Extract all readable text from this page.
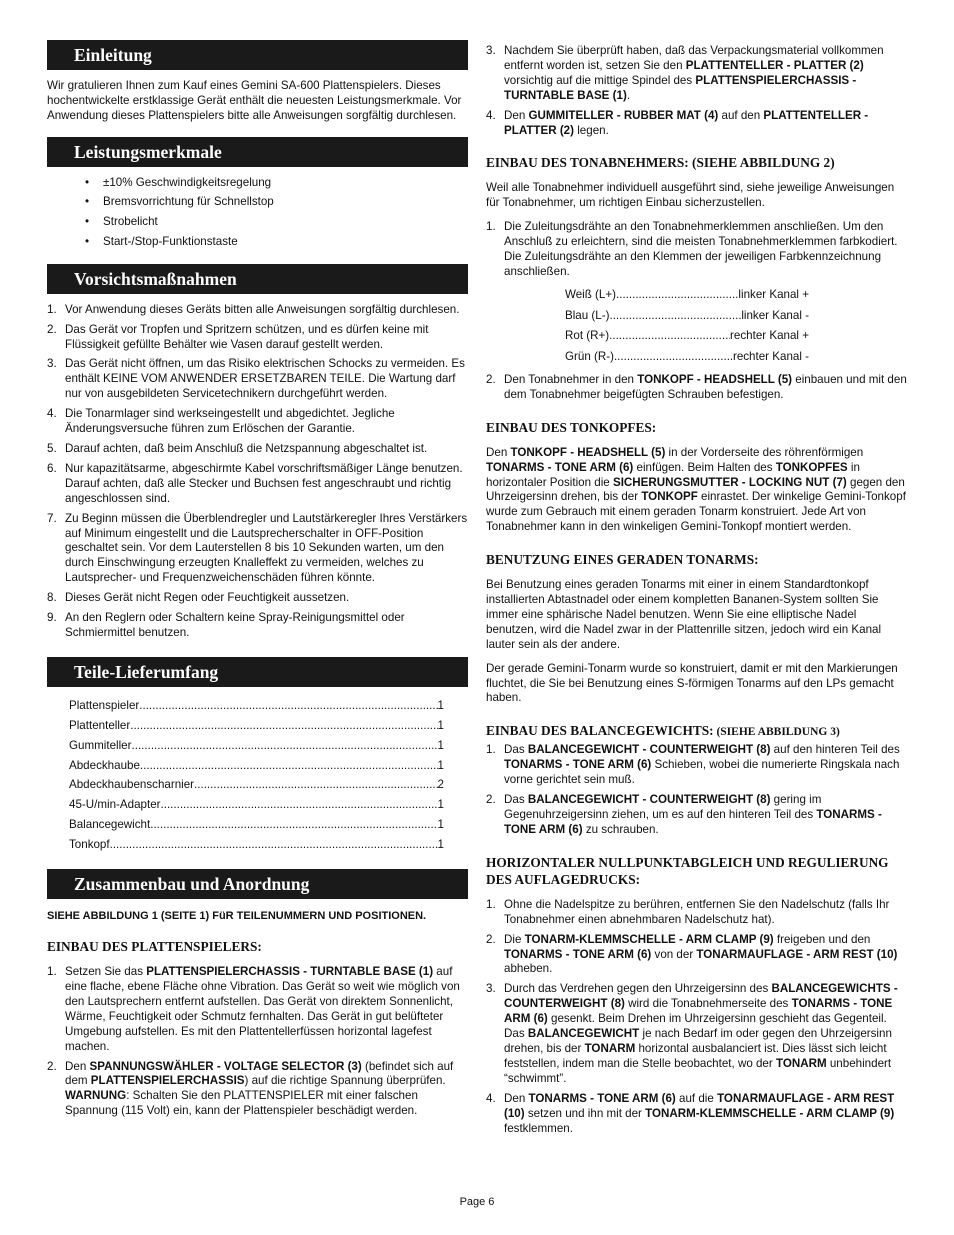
Einleitung

Wir gratulieren Ihnen zum Kauf eines Gemini SA-600 Plattenspielers. Dieses hochentwickelte erstklassige Gerät enthält die neuesten Leistungsmerkmale. Vor Anwendung dieses Plattenspielers bitte alle Anweisungen sorgfältig durchlesen.

Leistungsmerkmale
• ±10% Geschwindigkeitsregelung
• Bremsvorrichtung für Schnellstop
• Strobelicht
• Start-/Stop-Funktionstaste
Vorsichtsmaßnahmen
1. Vor Anwendung dieses Geräts bitten alle Anweisungen sorgfältig durchlesen.
2. Das Gerät vor Tropfen und Spritzern schützen, und es dürfen keine mit Flüssigkeit gefüllte Behälter wie Vasen darauf gestellt werden.
3. Das Gerät nicht öffnen, um das Risiko elektrischen Schocks zu vermeiden. Es enthält KEINE VOM ANWENDER ERSETZBAREN TEILE. Die Wartung darf nur von ausgebildeten Servicetechnikern durchgeführt werden.
4. Die Tonarmlager sind werkseingestellt und abgedichtet. Jegliche Änderungsversuche führen zum Erlöschen der Garantie.
5. Darauf achten, daß beim Anschluß die Netzspannung abgeschaltet ist.
6. Nur kapazitätsarme, abgeschirmte Kabel vorschriftsmäßiger Länge benutzen. Darauf achten, daß alle Stecker und Buchsen fest angeschraubt und richtig angeschlossen sind.
7. Zu Beginn müssen die Überblendregler und Lautstärkeregler Ihres Verstärkers auf Minimum eingestellt und die Lautsprecherschalter in OFF-Position geschaltet sein. Vor dem Lauterstellen 8 bis 10 Sekunden warten, um den durch Einschwingung erzeugten Knalleffekt zu vermeiden, welches zu Lautsprecher- und Frequenzweichenschäden führen könnte.
8. Dieses Gerät nicht Regen oder Feuchtigkeit aussetzen.
9. An den Reglern oder Schaltern keine Spray-Reinigungsmittel oder Schmiermittel benutzen.
Teile-Lieferumfang
Plattenspieler .....	1
Plattenteller .....	1
Gummiteller .....	1
Abdeckhaube .....	1
Abdeckhaubenscharnier .....	2
45-U/min-Adapter .....	1
Balancegewicht .....	1
Tonkopf .....	1
Zusammenbau und Anordnung
SIEHE ABBILDUNG 1 (SEITE 1) FüR TEILENUMMERN UND POSITIONEN.
EINBAU DES PLATTENSPIELERS:
1. Setzen Sie das PLATTENSPIELERCHASSIS - TURNTABLE BASE (1) auf eine flache, ebene Fläche ohne Vibration. Das Gerät so weit wie möglich von den Lautsprechern entfernt aufstellen. Das Gerät von direktem Sonnenlicht, Wärme, Feuchtigkeit oder Schmutz fernhalten. Das Gerät in gut belüfteter Umgebung aufstellen. Es mit den Plattentellerfüssen horizontal lagefest machen.
2. Den SPANNUNGSWÄHLER - VOLTAGE SELECTOR (3) (befindet sich auf dem PLATTENSPIELERCHASSIS) auf die richtige Spannung überprüfen. WARNUNG: Schalten Sie den PLATTENSPIELER mit einer falschen Spannung (115 Volt) ein, kann der Plattenspieler beschädigt werden.
3. Nachdem Sie überprüft haben, daß das Verpackungsmaterial vollkommen entfernt worden ist, setzen Sie den PLATTENTELLER - PLATTER (2) vorsichtig auf die mittige Spindel des PLATTENSPIELERCHASSIS - TURNTABLE BASE (1).
4. Den GUMMITELLER - RUBBER MAT (4) auf den PLATTENTELLER - PLATTER (2) legen.
EINBAU DES TONABNEHMERS: (SIEHE ABBILDUNG 2)

Weil alle Tonabnehmer individuell ausgeführt sind, siehe jeweilige Anweisungen für Tonabnehmer, um richtigen Einbau sicherzustellen.

1. Die Zuleitungsdrähte an den Tonabnehmerklemmen anschließen. Um den Anschluß zu erleichtern, sind die meisten Tonabnehmerklemmen farbkodiert. Die Zuleitungsdrähte an den Klemmen der jeweiligen Farbkennzeichnung anschließen.
Weiß (L+) .....	linker Kanal +
Blau (L-) .....	linker Kanal -
Rot (R+) .....	rechter Kanal +
Grün (R-) .....	rechter Kanal -
2. Den Tonabnehmer in den TONKOPF - HEADSHELL (5) einbauen und mit den dem Tonabnehmer beigefügten Schrauben befestigen.
EINBAU DES TONKOPFES:

Den TONKOPF - HEADSHELL (5) in der Vorderseite des röhrenförmigen TONARMS - TONE ARM (6) einfügen. Beim Halten des TONKOPFES in horizontaler Position die SICHERUNGSMUTTER - LOCKING NUT (7) gegen den Uhrzeigersinn drehen, bis der TONKOPF einrastet. Der winkelige Gemini-Tonkopf wurde zum Gebrauch mit einem geraden Tonarm konstruiert. Jede Art von Tonabnehmer kann in den winkeligen Gemini-Tonkopf montiert werden.

BENUTZUNG EINES GERADEN TONARMS:

Bei Benutzung eines geraden Tonarms mit einer in einem Standardtonkopf installierten Abtastnadel oder einem kompletten Bananen-System sollten Sie immer eine sphärische Nadel benutzen. Wenn Sie eine elliptische Nadel benutzen, wird die Nadel zwar in der Plattenrille sitzen, jedoch wird ein Kanal lauter sein als der andere.

Der gerade Gemini-Tonarm wurde so konstruiert, damit er mit den Markierungen fluchtet, die Sie bei Benutzung eines S-förmigen Tonarms auf den LPs gemacht haben.

EINBAU DES BALANCEGEWICHTS: (SIEHE ABBILDUNG 3)
1. Das BALANCEGEWICHT - COUNTERWEIGHT (8) auf den hinteren Teil des TONARMS - TONE ARM (6) Schieben, wobei die numerierte Ringskala nach vorne gerichtet sein muß.
2. Das BALANCEGEWICHT - COUNTERWEIGHT (8) gering im Gegenuhrzeigersinn ziehen, um es auf den hinteren Teil des TONARMS - TONE ARM (6) zu schrauben.
HORIZONTALER NULLPUNKTABGLEICH UND REGULIERUNG DES AUFLAGEDRUCKS:
1. Ohne die Nadelspitze zu berühren, entfernen Sie den Nadelschutz (falls Ihr Tonabnehmer einen abnehmbaren Nadelschutz hat).
2. Die TONARM-KLEMMSCHELLE - ARM CLAMP (9) freigeben und den TONARMS - TONE ARM (6) von der TONARMAUFLAGE - ARM REST (10) abheben.
3. Durch das Verdrehen gegen den Uhrzeigersinn des BALANCEGEWICHTS - COUNTERWEIGHT (8) wird die Tonabnehmerseite des TONARMS - TONE ARM (6) gesenkt. Beim Drehen im Uhrzeigersinn geschieht das Gegenteil. Das BALANCEGEWICHT je nach Bedarf im oder gegen den Uhrzeigersinn drehen, bis der TONARM horizontal ausbalanciert ist. Dies lässt sich leicht feststellen, indem man die Stelle beobachtet, wo der TONARM unbehindert “schwimmt”.
4. Den TONARMS - TONE ARM (6) auf die TONARMAUFLAGE - ARM REST (10) setzen und ihn mit der TONARM-KLEMMSCHELLE - ARM CLAMP (9) festklemmen.
Page 6
